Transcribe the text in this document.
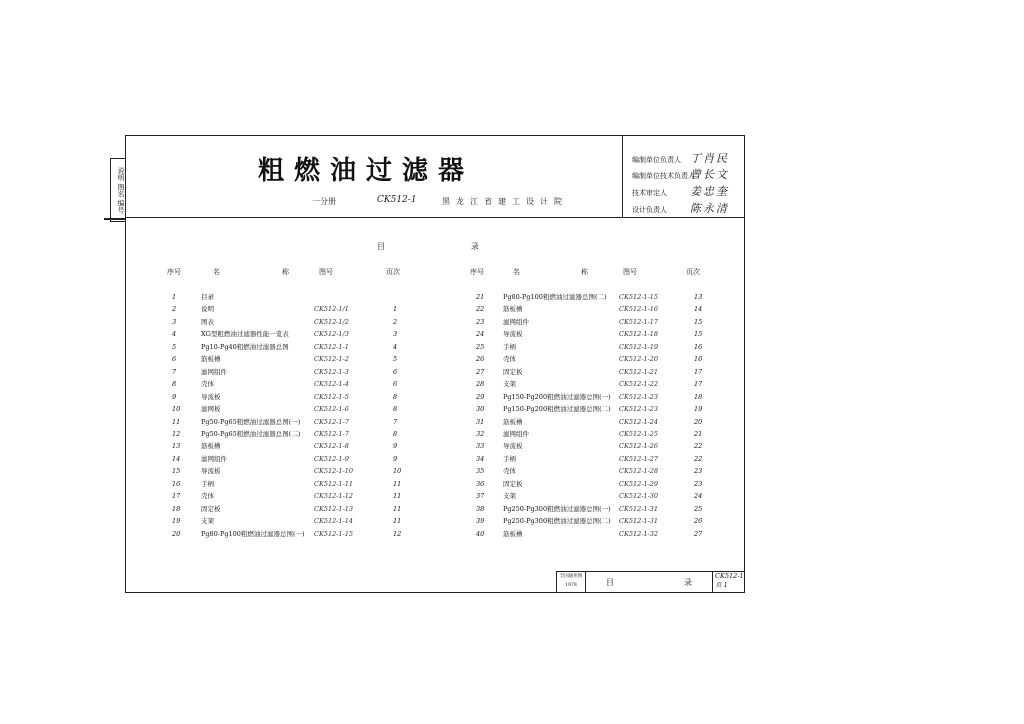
说明 图名 编号	粗燃油过滤器
一分册	CK512-1	黑龙江省建工设计院
编制单位负责人 丁肖民
编制单位技术负责人曾长文
技术审定人 姜忠奎
设计负责人 陈永清
目	录
序号	名	称	图号	页次	序号	名	称	图号	页次
1	目录
2	说明	CK512-1/1	1
3	图表	CK512-1/2	2
4	XG型粗燃油过滤器性能一览表	CK512-1/3	3
5	Pg10-Pg40粗燃油过滤器总图	CK512-1-1	4
6	筋板槽	CK512-1-2	5
7	滤网组件	CK512-1-3	6
8	壳体	CK512-1-4	6
9	导流板	CK512-1-5	8
10	滤网板	CK512-1-6	8
11	Pg50-Pg65粗燃油过滤器总图(一) CK512-1-7	7
12	Pg50-Pg65粗燃油过滤器总图(二) CK512-1-7	8
13	筋板槽	CK512-1-8	9
14	滤网组件	CK512-1-9	9
15	导流板	CK512-1-10	10
16	手柄	CK512-1-11	11
17	壳体	CK512-1-12	11
18	固定板	CK512-1-13	11
19	支架	CK512-1-14	11
20	Pg80-Pg100粗燃油过滤器总图(一) CK512-1-15	12
21	Pg80-Pg100粗燃油过滤器总图(二) CK512-1-15	13
22	筋板槽	CK512-1-16	14
23	滤网组件	CK512-1-17	15
24	导流板	CK512-1-18	15
25	手柄	CK512-1-19	16
26	壳体	CK512-1-20	16
27	固定板	CK512-1-21	17
28	支架	CK512-1-22	17
29	Pg150-Pg200粗燃油过滤器总图(一) CK512-1-23	18
30	Pg150-Pg200粗燃油过滤器总图(二) CK512-1-23	19
31	筋板槽	CK512-1-24	20
32	滤网组件	CK512-1-25	21
33	导流板	CK512-1-26	22
34	手柄	CK512-1-27	22
35	壳体	CK512-1-28	23
36	固定板	CK512-1-29	23
37	支架	CK512-1-30	24
38	Pg250-Pg300粗燃油过滤器总图(一) CK512-1-31	25
39	Pg250-Pg300粗燃油过滤器总图(二) CK512-1-31	26
40	筋板槽	CK512-1-32	27
全国通用图
1978	目	录
CK512-1
页 1
